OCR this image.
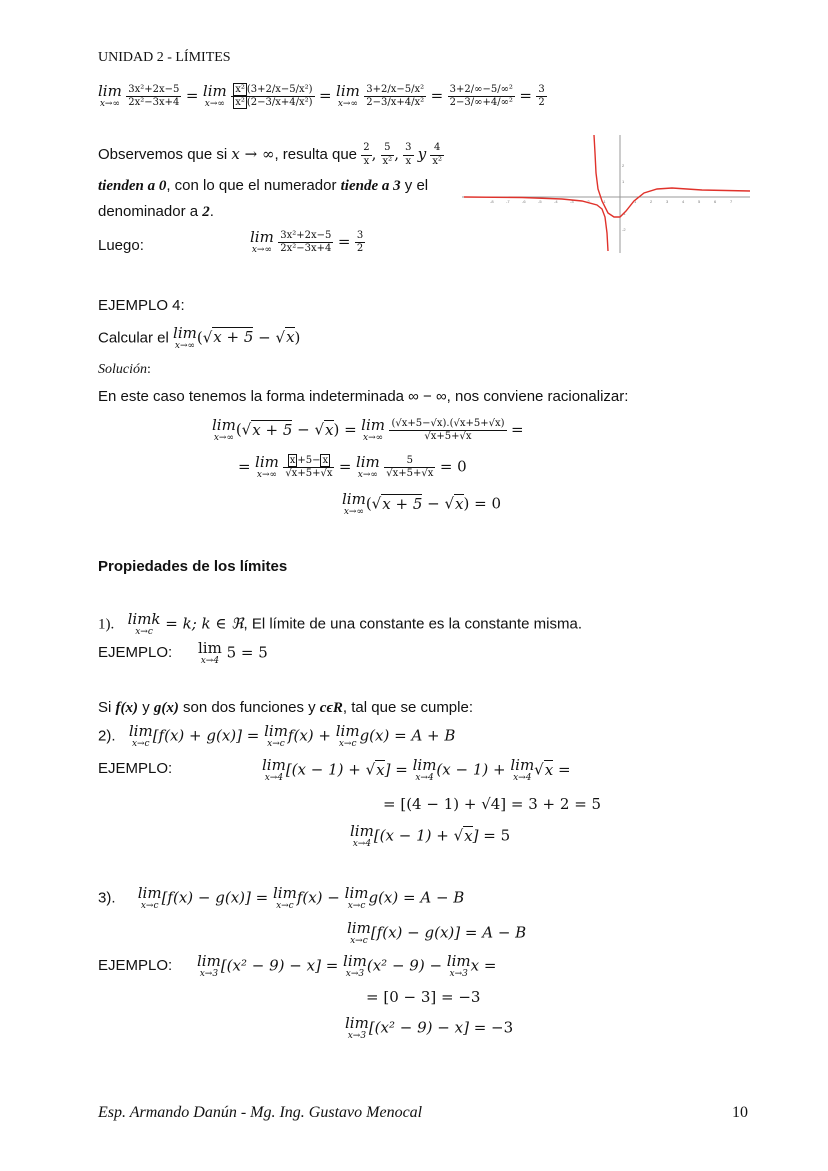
UNIDAD 2 - LÍMITES
lim
x→∞
$\frac{\text{3x²+2x−5}}{\text{2x²−3x+4}} = \lim$
x→∞
$\frac{\text{x² (3+2/x−5/x²)}}{\text{x² (2−3/x+4/x²)}} = \lim$
x→∞
$\frac{\text{3+2/x−5/x²}}{\text{2−3/x+4/x²}} = \frac{\text{3+2/∞−5/∞²}}{\text{2−3/∞+4/∞²}} = \frac{3}{2}$
Observemos que si x → ∞, resulta que $\frac{2}{x}$ , $\frac{5}{\text{x²}}$ , $\frac{3}{x}$ y $\frac{4}{\text{x²}}$
tienden a 0, con lo que el numerador tiende a 3 y el
denominador a 2.
Luego:	lim
x→∞
$\frac{\text{3x²+2x−5}}{\text{2x²−3x+4}} = \frac{3}{2}$
-8	-7	-6	-5	-4	-3	-2	-1	1	2	3	4	5	6	7
2
1
-1
-2
EJEMPLO 4:
Calcular el lim
x→∞ (√x + 5 − √x)
Solución:
En este caso tenemos la forma indeterminada ∞ − ∞, nos conviene racionalizar:
lim
x→∞ (√x + 5 − √x) = lim
x→∞
$\frac{(√x+5-√x).(√x+5+√x)}{√x+5+√x}$ =
= lim
x→∞
$\frac{x +5- x}{√x+5+√x} = \lim$
x→∞
$\frac{5}{√x+5+√x} = 0$
lim
x→∞ (√x + 5 − √x) = 0
Propiedades de los límites
1). limk
x→c = k; k ∈ ℜ, El límite de una constante es la constante misma.
EJEMPLO: lim
x→4 5 = 5
Si f(x) y g(x) son dos funciones y cϵR, tal que se cumple:
2). lim
x→c [f(x) + g(x)] = lim
x→c f(x) + lim
x→c g(x) = A + B
EJEMPLO:	lim
x→4 [(x − 1) + √x] = lim
x→4 (x − 1) + lim
x→4 √x =
= [(4 − 1) + √4] = 3 + 2 = 5
lim
x→4 [(x − 1) + √x] = 5
3). lim
x→c [f(x) − g(x)] = lim
x→c f(x) − lim
x→c g(x) = A − B
lim
x→c [f(x) − g(x)] = A − B
EJEMPLO: lim
x→3 [(x² − 9) − x] = lim
x→3 (x² − 9) − lim
x→3 x =
= [0 − 3] = −3
lim
x→3 [(x² − 9) − x] = −3
Esp. Armando Danún - Mg. Ing. Gustavo Menocal	10
